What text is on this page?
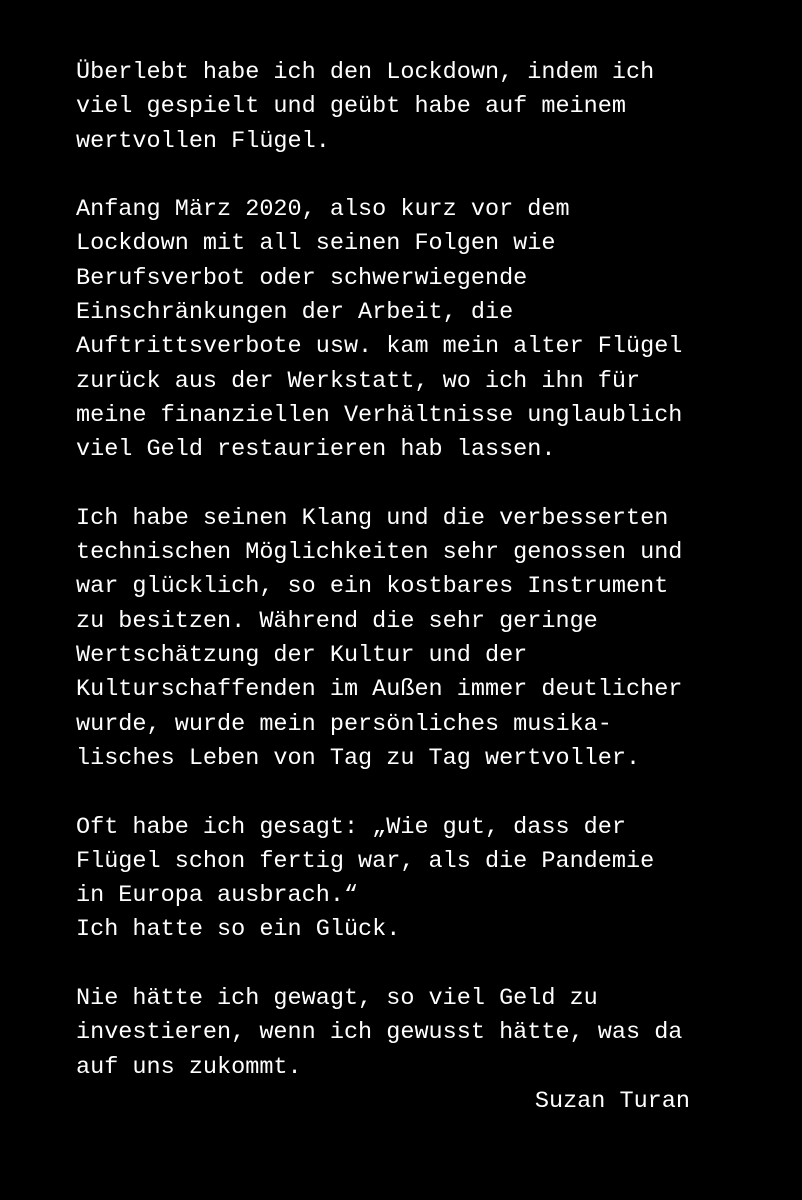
Überlebt habe ich den Lockdown, indem ich
viel gespielt und geübt habe auf meinem
wertvollen Flügel.

Anfang März 2020, also kurz vor dem
Lockdown mit all seinen Folgen wie
Berufsverbot oder schwerwiegende
Einschränkungen der Arbeit, die
Auftrittsverbote usw. kam mein alter Flügel
zurück aus der Werkstatt, wo ich ihn für
meine finanziellen Verhältnisse unglaublich
viel Geld restaurieren hab lassen.

Ich habe seinen Klang und die verbesserten
technischen Möglichkeiten sehr genossen und
war glücklich, so ein kostbares Instrument
zu besitzen. Während die sehr geringe
Wertschätzung der Kultur und der
Kulturschaffenden im Außen immer deutlicher
wurde, wurde mein persönliches musika-
lisches Leben von Tag zu Tag wertvoller.

Oft habe ich gesagt: „Wie gut, dass der
Flügel schon fertig war, als die Pandemie
in Europa ausbrach.“
Ich hatte so ein Glück.

Nie hätte ich gewagt, so viel Geld zu
investieren, wenn ich gewusst hätte, was da
auf uns zukommt.

Suzan Turan
